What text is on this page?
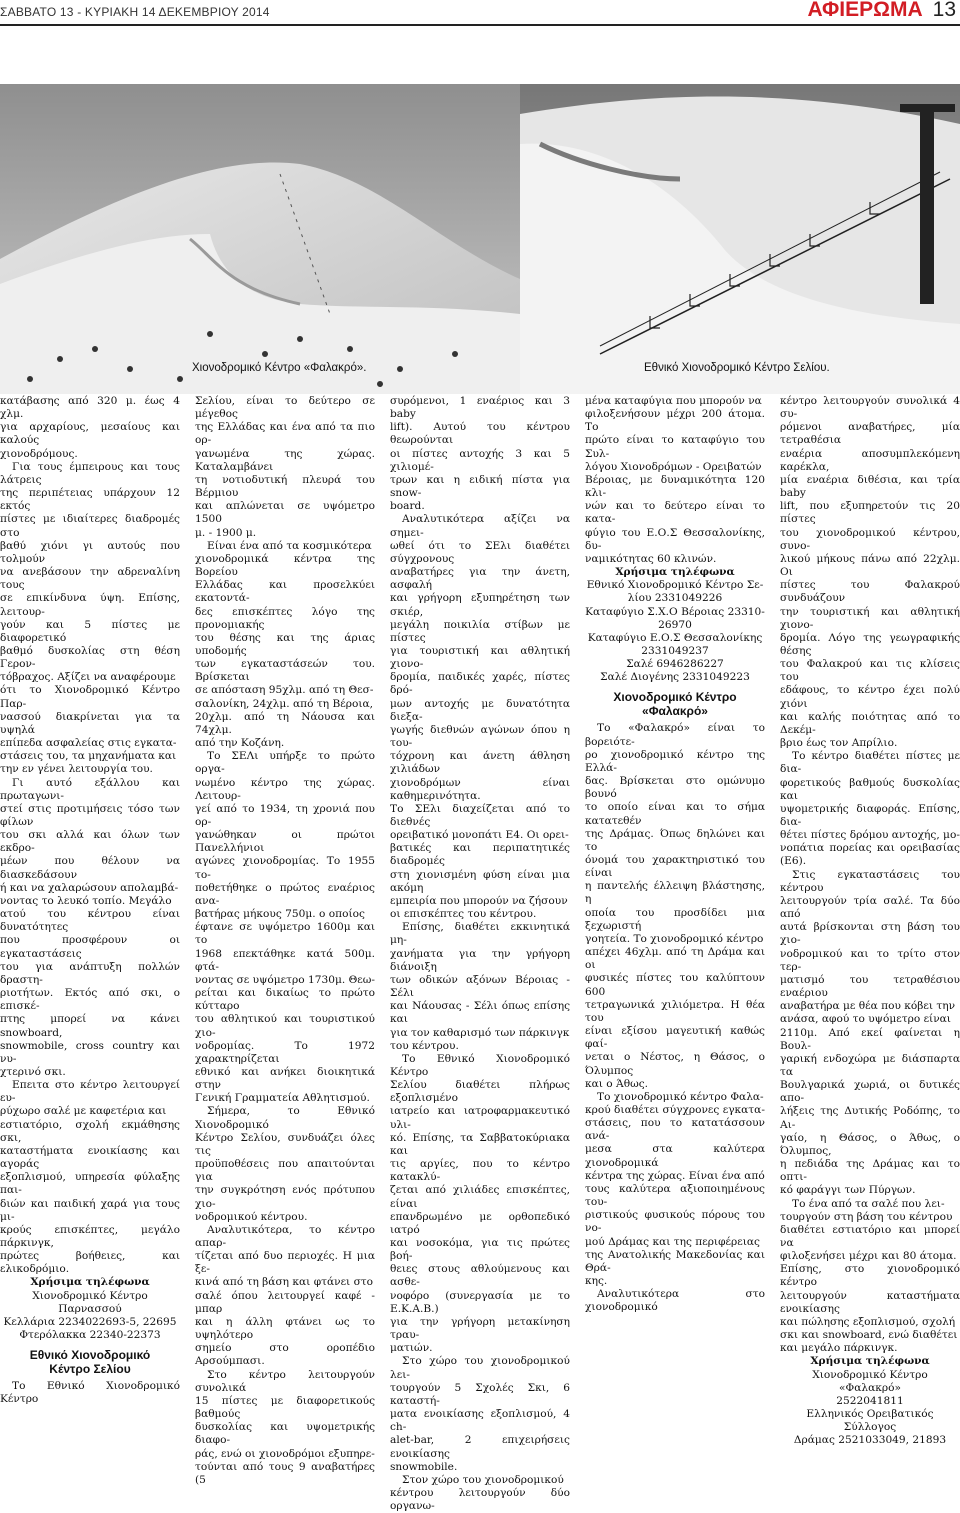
ΣΑΒΒΑΤΟ 13 - ΚΥΡΙΑΚΗ 14 ΔΕΚΕΜΒΡΙΟΥ 2014	ΑΦΙΕΡΩΜΑ 13
Χιονοδρομικό Κέντρο «Φαλακρό».	Εθνικό Χιονοδρομικό Κέντρο Σελίου.

κατάβασης από 320 μ. έως 4 χλμ.
για αρχαρίους, μεσαίους και καλούς
χιονοδρόμους.

Για τους έμπειρους και τους λάτρεις
της περιπέτειας υπάρχουν 12 εκτός
πίστες με ιδιαίτερες διαδρομές στο
βαθύ χιόνι γι αυτούς που τολμούν
να ανεβάσουν την αδρεναλίνη τους
σε επικίνδυνα ύψη. Επίσης, λειτουρ-
γούν και 5 πίστες με διαφορετικό
βαθμό δυσκολίας στη θέση Γερον-
τόβραχος. Αξίζει να αναφέρουμε
ότι το Χιονοδρομικό Κέντρο Παρ-
νασσού διακρίνεται για τα υψηλά
επίπεδα ασφαλείας στις εγκατα-
στάσεις του, τα μηχανήματα και
την εν γένει λειτουργία του.

Γι αυτό εξάλλου και πρωταγωνι-
στεί στις προτιμήσεις τόσο των φίλων
του σκι αλλά και όλων των εκδρο-
μέων που θέλουν να διασκεδάσουν
ή και να χαλαρώσουν απολαμβά-
νοντας το λευκό τοπίο. Μεγάλο
ατού του κέντρου είναι δυνατότητες
που προσφέρουν οι εγκαταστάσεις
του για ανάπτυξη πολλών δραστη-
ριοτήτων. Εκτός από σκι, ο επισκέ-
πτης μπορεί να κάνει snowboard,
snowmobile, cross country και νυ-
χτερινό σκι.

Επειτα στο κέντρο λειτουργεί ευ-
ρύχωρο σαλέ με καφετέρια και
εστιατόριο, σχολή εκμάθησης σκι,
καταστήματα ενοικίασης και αγοράς
εξοπλισμού, υπηρεσία φύλαξης παι-
διών και παιδική χαρά για τους μι-
κρούς επισκέπτες, μεγάλο πάρκινγκ,
πρώτες βοήθειες, και ελικοδρόμιο.

Χρήσιμα τηλέφωνα

Χιονοδρομικό Κέντρο Παρνασσού
Κελλάρια 2234022693-5, 22695
Φτερόλακκα 22340-22373

Εθνικό Χιονοδρομικό
Κέντρο Σελίου

Το Εθνικό Χιονοδρομικό Κέντρο

Σελίου, είναι το δεύτερο σε μέγεθος
της Ελλάδας και ένα από τα πιο ορ-
γανωμένα της χώρας. Καταλαμβάνει
τη νοτιοδυτική πλευρά του Βέρμιου
και απλώνεται σε υψόμετρο 1500
μ. - 1900 μ.

Είναι ένα από τα κοσμικότερα
χιονοδρομικά κέντρα της Βορείου
Ελλάδας και προσελκύει εκατοντά-
δες επισκέπτες λόγο της προνομιακής
του θέσης και της άριας υποδομής
των εγκαταστάσεών του. Βρίσκεται
σε απόσταση 95χλμ. από τη Θεσ-
σαλονίκη, 24χλμ. από τη Βέροια,
20χλμ. από τη Νάουσα και 74χλμ.
από την Κοζάνη.

Το ΣΕΛι υπήρξε το πρώτο οργα-
νωμένο κέντρο της χώρας. Λειτουρ-
γεί από το 1934, τη χρονιά που ορ-
γανώθηκαν οι πρώτοι Πανελλήνιοι
αγώνες χιονοδρομίας. Το 1955 το-
ποθετήθηκε ο πρώτος εναέριος ανα-
βατήρας μήκους 750μ. ο οποίος
έφτανε σε υψόμετρο 1600μ και το
1968 επεκτάθηκε κατά 500μ. φτά-
νοντας σε υψόμετρο 1730μ. Θεω-
ρείται και δικαίως το πρώτο κύτταρο
του αθλητικού και τουριστικού χιο-
νοδρομίας. Το 1972 χαρακτηρίζεται
εθνικό και ανήκει διοικητικά στην
Γενική Γραμματεία Αθλητισμού.

Σήμερα, το Εθνικό Χιονοδρομικό
Κέντρο Σελίου, συνδυάζει όλες τις
προϋποθέσεις που απαιτούνται για
την συγκρότηση ενός πρότυπου χιο-
νοδρομικού κέντρου.

Αναλυτικότερα, το κέντρο απαρ-
τίζεται από δυο περιοχές. Η μια ξε-
κινά από τη βάση και φτάνει στο
σαλέ όπου λειτουργεί καφέ - μπαρ
και η άλλη φτάνει ως το υψηλότερο
σημείο στο οροπέδιο Αρσούμπασι.

Στο κέντρο λειτουργούν συνολικά
15 πίστες με διαφορετικούς βαθμούς
δυσκολίας και υψομετρικής διαφο-
ράς, ενώ οι χιονοδρόμοι εξυπηρε-
τούνται από τους 9 αναβατήρες (5

συρόμενοι, 1 εναέριος και 3 baby
lift). Αυτού του κέντρου θεωρούνται
οι πίστες αντοχής 3 και 5 χιλιομέ-
τρων και η ειδική πίστα για snow-
board.

Αναλυτικότερα αξίζει να σημει-
ωθεί ότι το ΣΕλι διαθέτει σύγχρονους
αναβατήρες για την άνετη, ασφαλή
και γρήγορη εξυπηρέτηση των σκιέρ,
μεγάλη ποικιλία στίβων με πίστες
για τουριστική και αθλητική χιονο-
δρομία, παιδικές χαρές, πίστες δρό-
μων αντοχής με δυνατότητα διεξα-
γωγής διεθνών αγώνων όπου η του-
τόχρονη και άνετη άθληση χιλιάδων
χιονοδρόμων είναι καθημερινότητα.
Το ΣΕλι διαχείζεται από το διεθνές
ορειβατικό μονοπάτι Ε4. Οι ορει-
βατικές και περιπατητικές διαδρομές
στη χιονισμένη φύση είναι μια ακόμη
εμπειρία που μπορούν να ζήσουν
οι επισκέπτες του κέντρου.

Επίσης, διαθέτει εκκινητικά μη-
χανήματα για την γρήγορη διάνοιξη
των οδικών αξόνων Βέροιας - Σέλι
και Νάουσας - Σέλι όπως επίσης και
για τον καθαρισμό των πάρκινγκ
του κέντρου.

Το Εθνικό Χιονοδρομικό Κέντρο
Σελίου διαθέτει πλήρως εξοπλισμένο
ιατρείο και ιατροφαρμακευτικό υλι-
κό. Επίσης, τα Σαββατοκύριακα και
τις αργίες, που το κέντρο κατακλύ-
ζεται από χιλιάδες επισκέπτες, είναι
επανδρωμένο με ορθοπεδικό ιατρό
και νοσοκόμα, για τις πρώτες βοή-
θειες στους αθλούμενους και ασθε-
νοφόρο (συνεργασία με το Ε.Κ.Α.Β.)
για την γρήγορη μετακίνηση τραυ-
ματιών.

Στο χώρο του χιονοδρομικού λει-
τουργούν 5 Σχολές Σκι, 6 καταστή-
ματα ενοικίασης εξοπλισμού, 4 ch-
alet-bar, 2 επιχειρήσεις ενοικίασης
snowmobile.

Στον χώρο του χιονοδρομικού
κέντρου λειτουργούν δύο οργανω-

μένα καταφύγια που μπορούν να
φιλοξενήσουν μέχρι 200 άτομα. Το
πρώτο είναι το καταφύγιο του Συλ-
λόγου Χιονοδρόμων - Ορειβατών
Βέροιας, με δυναμικότητα 120 κλι-
νών και το δεύτερο είναι το κατα-
φύγιο του Ε.Ο.Σ Θεσσαλονίκης, δυ-
ναμικότητας 60 κλινών.

Χρήσιμα τηλέφωνα

Εθνικό Χιονοδρομικό Κέντρο Σε-
λίου 2331049226
Καταφύγιο Σ.Χ.Ο Βέροιας 23310-
26970
Καταφύγιο Ε.Ο.Σ Θεσσαλονίκης
2331049237
Σαλέ 6946286227
Σαλέ Διογένης 2331049223

Χιονοδρομικό Κέντρο
«Φαλακρό»

Το «Φαλακρό» είναι το βορειότε-
ρο χιονοδρομικό κέντρο της Ελλά-
δας. Βρίσκεται στο ομώνυμο βουνό
το οποίο είναι και το σήμα κατατεθέν
της Δράμας. Όπως δηλώνει και το
όνομά του χαρακτηριστικό του είναι
η παντελής έλλειψη βλάστησης, η
οποία του προσδίδει μια ξεχωριστή
γοητεία. Το χιονοδρομικό κέντρο
απέχει 46χλμ. από τη Δράμα και οι
φυσικές πίστες του καλύπτουν 600
τετραγωνικά χιλιόμετρα. Η θέα του
είναι εξίσου μαγευτική καθώς φαί-
νεται ο Νέστος, η Θάσος, ο Όλυμπος
και ο Άθως.

Το χιονοδρομικό κέντρο Φαλα-
κρού διαθέτει σύγχρονες εγκατα-
στάσεις, που το κατατάσσουν ανά-
μεσα στα καλύτερα χιονοδρομικά
κέντρα της χώρας. Είναι ένα από
τους καλύτερα αξιοποιημένους του-
ριστικούς φυσικούς πόρους του νο-
μού Δράμας και της περιφέρειας
της Ανατολικής Μακεδονίας και Θρά-
κης.

Αναλυτικότερα στο χιονοδρομικό

κέντρο λειτουργούν συνολικά 4 συ-
ρόμενοι αναβατήρες, μία τετραθέσια
εναέρια αποσυμπλεκόμενη καρέκλα,
μία εναέρια διθέσια, και τρία baby
lift, που εξυπηρετούν τις 20 πίστες
του χιονοδρομικού κέντρου, συνο-
λικού μήκους πάνω από 22χλμ. Οι
πίστες του Φαλακρού συνδυάζουν
την τουριστική και αθλητική χιονο-
δρομία. Λόγο της γεωγραφικής θέσης
του Φαλακρού και τις κλίσεις του
εδάφους, το κέντρο έχει πολύ χιόνι
και καλής ποιότητας από το Δεκέμ-
βριο έως τον Απρίλιο.

Το κέντρο διαθέτει πίστες με δια-
φορετικούς βαθμούς δυσκολίας και
υψομετρικής διαφοράς. Επίσης, δια-
θέτει πίστες δρόμου αντοχής, μο-
νοπάτια πορείας και ορειβασίας (Ε6).

Στις εγκαταστάσεις του κέντρου
λειτουργούν τρία σαλέ. Τα δύο από
αυτά βρίσκονται στη βάση του χιο-
νοδρομικού και το τρίτο στον τερ-
ματισμό του τετραθέσιου εναέριου
αναβατήρα με θέα που κόβει την
ανάσα, αφού το υψόμετρο είναι
2110μ. Από εκεί φαίνεται η Βουλ-
γαρική ενδοχώρα με διάσπαρτα τα
Βουλγαρικά χωριά, οι δυτικές απο-
λήξεις της Δυτικής Ροδόπης, το Αι-
γαίο, η Θάσος, ο Άθως, ο Όλυμπος,
η πεδιάδα της Δράμας και το οπτι-
κό φαράγγι των Πύργων.

Το ένα από τα σαλέ που λει-
τουργούν στη βάση του κέντρου
διαθέτει εστιατόριο και μπορεί να
φιλοξενήσει μέχρι και 80 άτομα.
Επίσης, στο χιονοδρομικό κέντρο
λειτουργούν καταστήματα ενοικίασης
και πώλησης εξοπλισμού, σχολή
σκι και snowboard, ενώ διαθέτει
και μεγάλο πάρκινγκ.

Χρήσιμα τηλέφωνα

Χιονοδρομικό Κέντρο «Φαλακρό»
2522041811
Ελληνικός Ορειβατικός Σύλλογος
Δράμας 2521033049, 21893
